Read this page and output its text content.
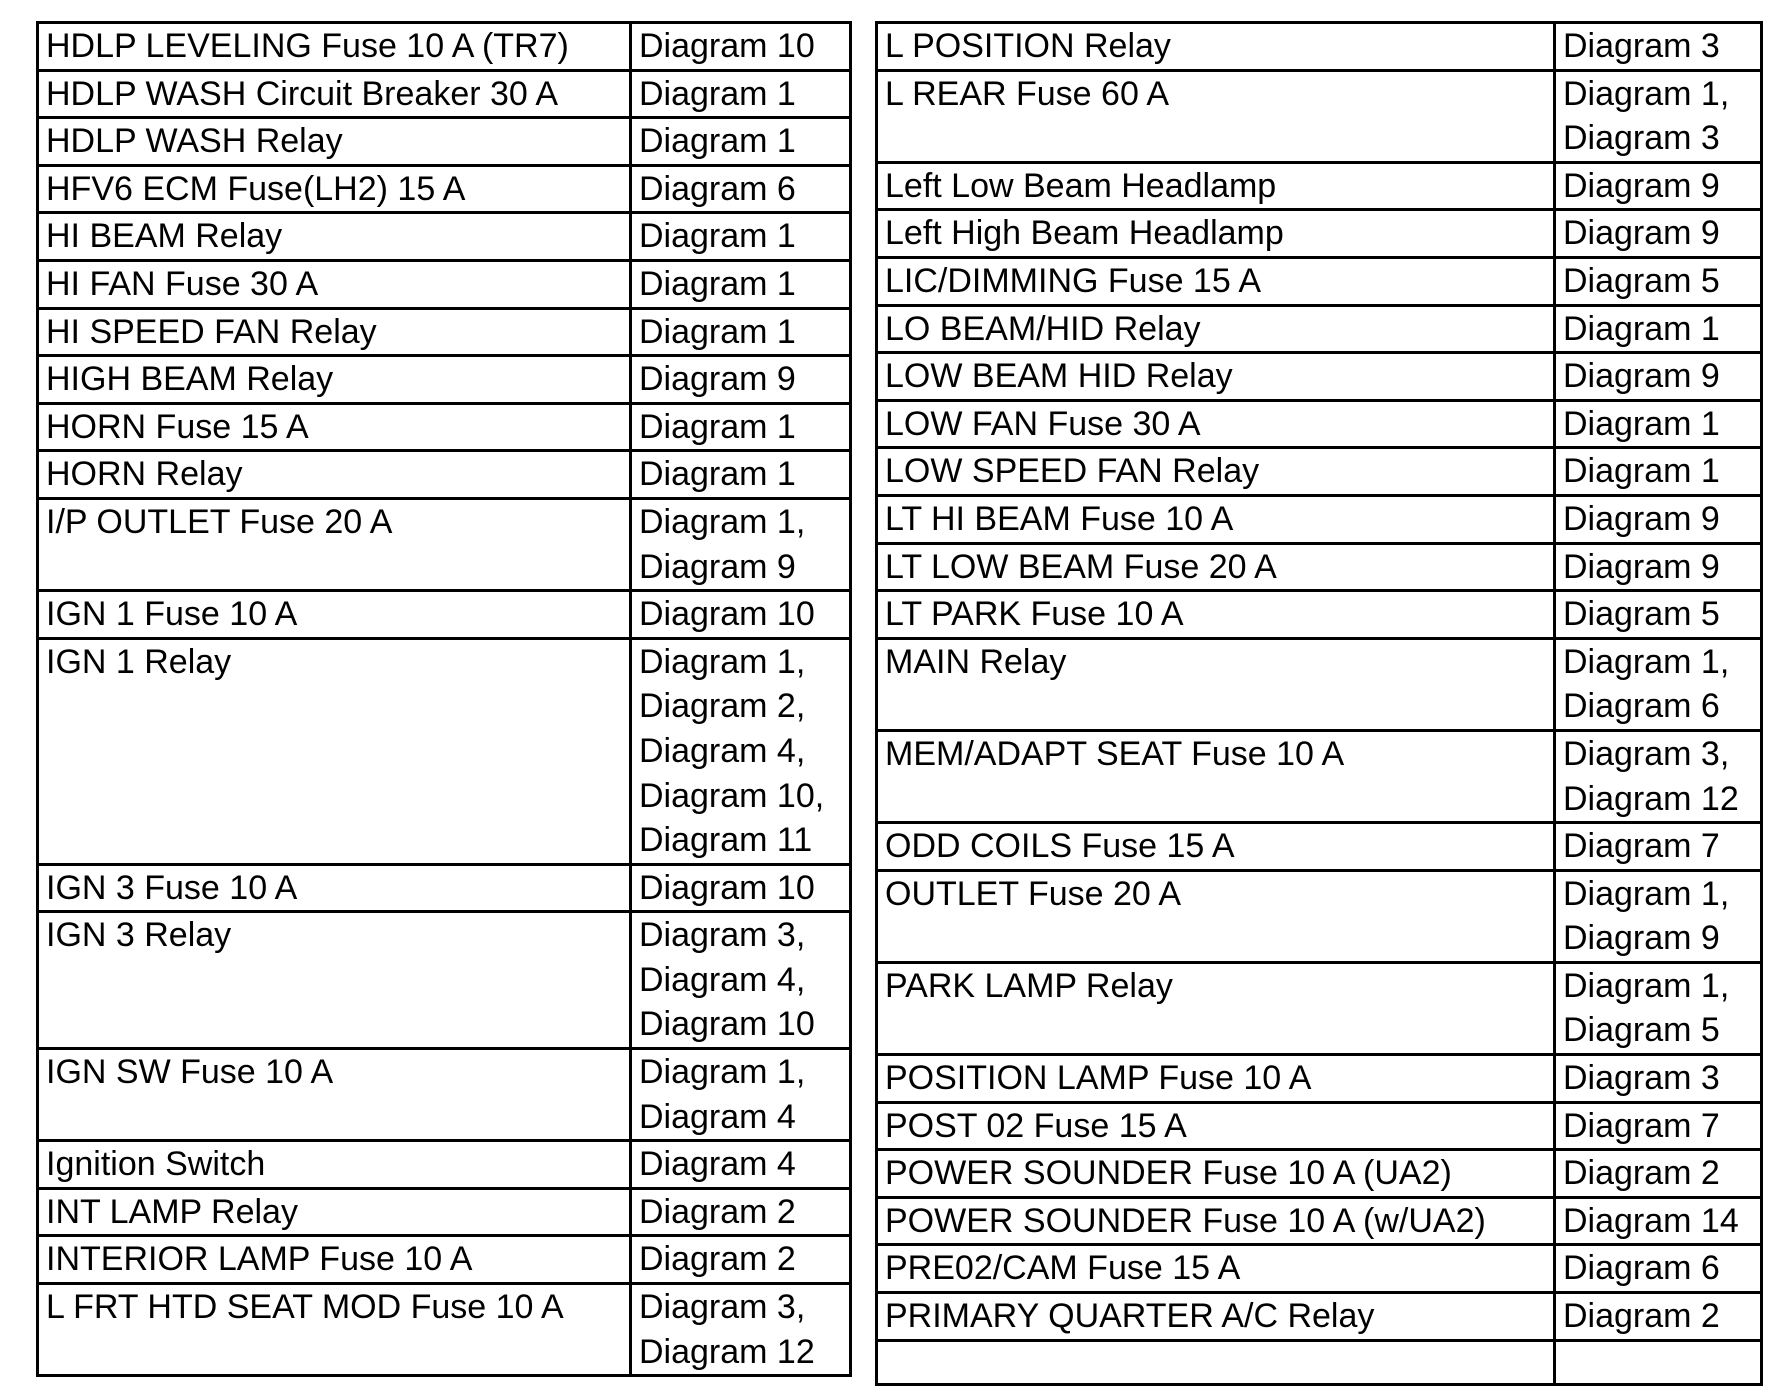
HDLP LEVELING Fuse 10 A (TR7)	Diagram 10

HDLP WASH Circuit Breaker 30 A	Diagram 1

HDLP WASH Relay	Diagram 1

HFV6 ECM Fuse(LH2) 15 A	Diagram 6

HI BEAM Relay	Diagram 1

HI FAN Fuse 30 A	Diagram 1

HI SPEED FAN Relay	Diagram 1

HIGH BEAM Relay	Diagram 9

HORN Fuse 15 A	Diagram 1

HORN Relay	Diagram 1

I/P OUTLET Fuse 20 A	Diagram 1,
Diagram 9

IGN 1 Fuse 10 A	Diagram 10

IGN 1 Relay	Diagram 1,
Diagram 2,
Diagram 4,
Diagram 10,
Diagram 11

IGN 3 Fuse 10 A	Diagram 10

IGN 3 Relay	Diagram 3,
Diagram 4,
Diagram 10

IGN SW Fuse 10 A	Diagram 1,
Diagram 4

Ignition Switch	Diagram 4

INT LAMP Relay	Diagram 2

INTERIOR LAMP Fuse 10 A	Diagram 2

L FRT HTD SEAT MOD Fuse 10 A	Diagram 3,
Diagram 12
L POSITION Relay	Diagram 3

L REAR Fuse 60 A	Diagram 1,
Diagram 3

Left Low Beam Headlamp	Diagram 9

Left High Beam Headlamp	Diagram 9

LIC/DIMMING Fuse 15 A	Diagram 5

LO BEAM/HID Relay	Diagram 1

LOW BEAM HID Relay	Diagram 9

LOW FAN Fuse 30 A	Diagram 1

LOW SPEED FAN Relay	Diagram 1

LT HI BEAM Fuse 10 A	Diagram 9

LT LOW BEAM Fuse 20 A	Diagram 9

LT PARK Fuse 10 A	Diagram 5

MAIN Relay	Diagram 1,
Diagram 6

MEM/ADAPT SEAT Fuse 10 A	Diagram 3,
Diagram 12

ODD COILS Fuse 15 A	Diagram 7

OUTLET Fuse 20 A	Diagram 1,
Diagram 9

PARK LAMP Relay	Diagram 1,
Diagram 5

POSITION LAMP Fuse 10 A	Diagram 3

POST 02 Fuse 15 A	Diagram 7

POWER SOUNDER Fuse 10 A (UA2)	Diagram 2

POWER SOUNDER Fuse 10 A (w/UA2)	Diagram 14

PRE02/CAM Fuse 15 A	Diagram 6

PRIMARY QUARTER A/C Relay	Diagram 2
